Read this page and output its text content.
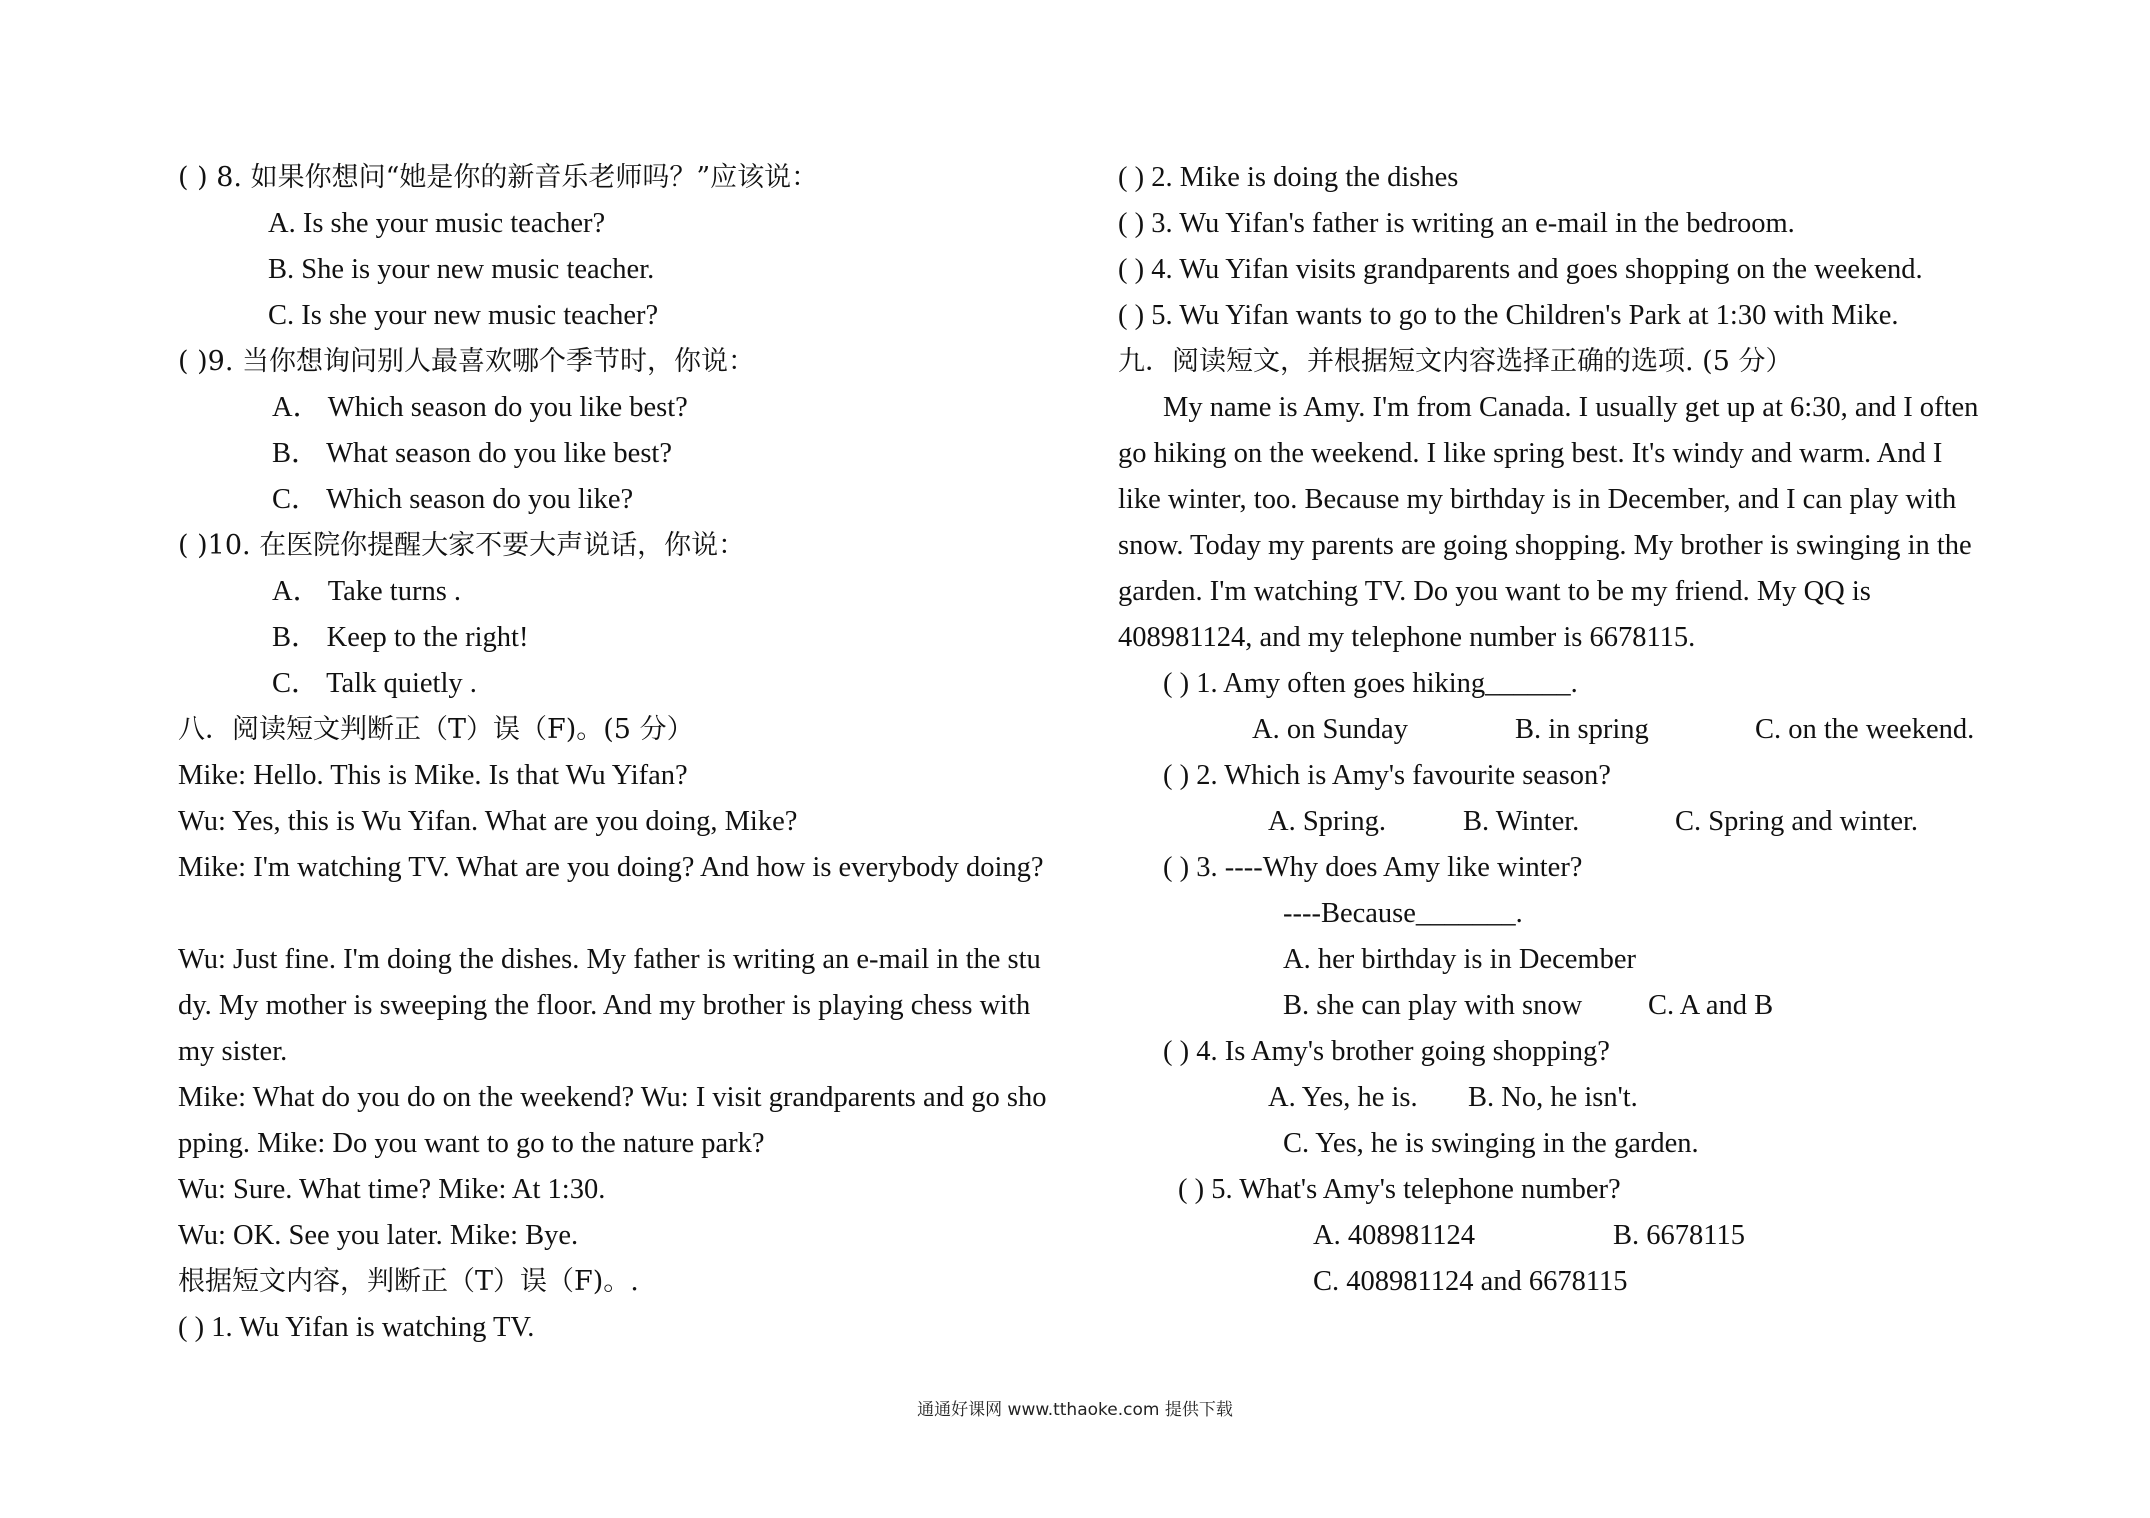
( ) 8. 如果你想问“她是你的新音乐老师吗？”应该说：
A. Is she your music teacher?
B. She is your new music teacher.
C. Is she your new music teacher?
( )9. 当你想询问别人最喜欢哪个季节时，你说：
A． Which season do you like best?
B． What season do you like best?
C． Which season do you like?
( )10. 在医院你提醒大家不要大声说话，你说：
A． Take turns .
B． Keep to the right!
C． Talk quietly .
八．阅读短文判断正（T）误（F)。(5 分）
Mike: Hello. This is Mike. Is that Wu Yifan?
Wu: Yes, this is Wu Yifan. What are you doing, Mike?
Mike: I'm watching TV. What are you doing? And how is everybody doing?
Wu: Just fine. I'm doing the dishes. My father is writing an e-mail in the stu
dy. My mother is sweeping the floor. And my brother is playing chess with
my sister.
Mike: What do you do on the weekend? Wu: I visit grandparents and go sho
pping. Mike: Do you want to go to the nature park?
Wu: Sure. What time? Mike: At 1:30.
Wu: OK. See you later. Mike: Bye.
根据短文内容，判断正（T）误（F)。.
( ) 1. Wu Yifan is watching TV.
( ) 2. Mike is doing the dishes
( ) 3. Wu Yifan's father is writing an e-mail in the bedroom.
( ) 4. Wu Yifan visits grandparents and goes shopping on the weekend.
( ) 5. Wu Yifan wants to go to the Children's Park at 1:30 with Mike.
九．阅读短文，并根据短文内容选择正确的选项. (5 分）
My name is Amy. I'm from Canada. I usually get up at 6:30, and I often
go hiking on the weekend. I like spring best. It's windy and warm. And I
like winter, too. Because my birthday is in December, and I can play with
snow. Today my parents are going shopping. My brother is swinging in the
garden. I'm watching TV. Do you want to be my friend. My QQ is
408981124, and my telephone number is 6678115.
( ) 1. Amy often goes hiking______.
A. on Sunday	B. in spring	C. on the weekend.
( ) 2. Which is Amy's favourite season?
A. Spring.	B. Winter.	C. Spring and winter.
( ) 3. ----Why does Amy like winter?
----Because_______.
A. her birthday is in December
B. she can play with snow C. A and B
( ) 4. Is Amy's brother going shopping?
A. Yes, he is. B. No, he isn't.
C. Yes, he is swinging in the garden.
( ) 5. What's Amy's telephone number?
A. 408981124	B. 6678115
C. 408981124 and 6678115
通通好课网 www.tthaoke.com 提供下载
